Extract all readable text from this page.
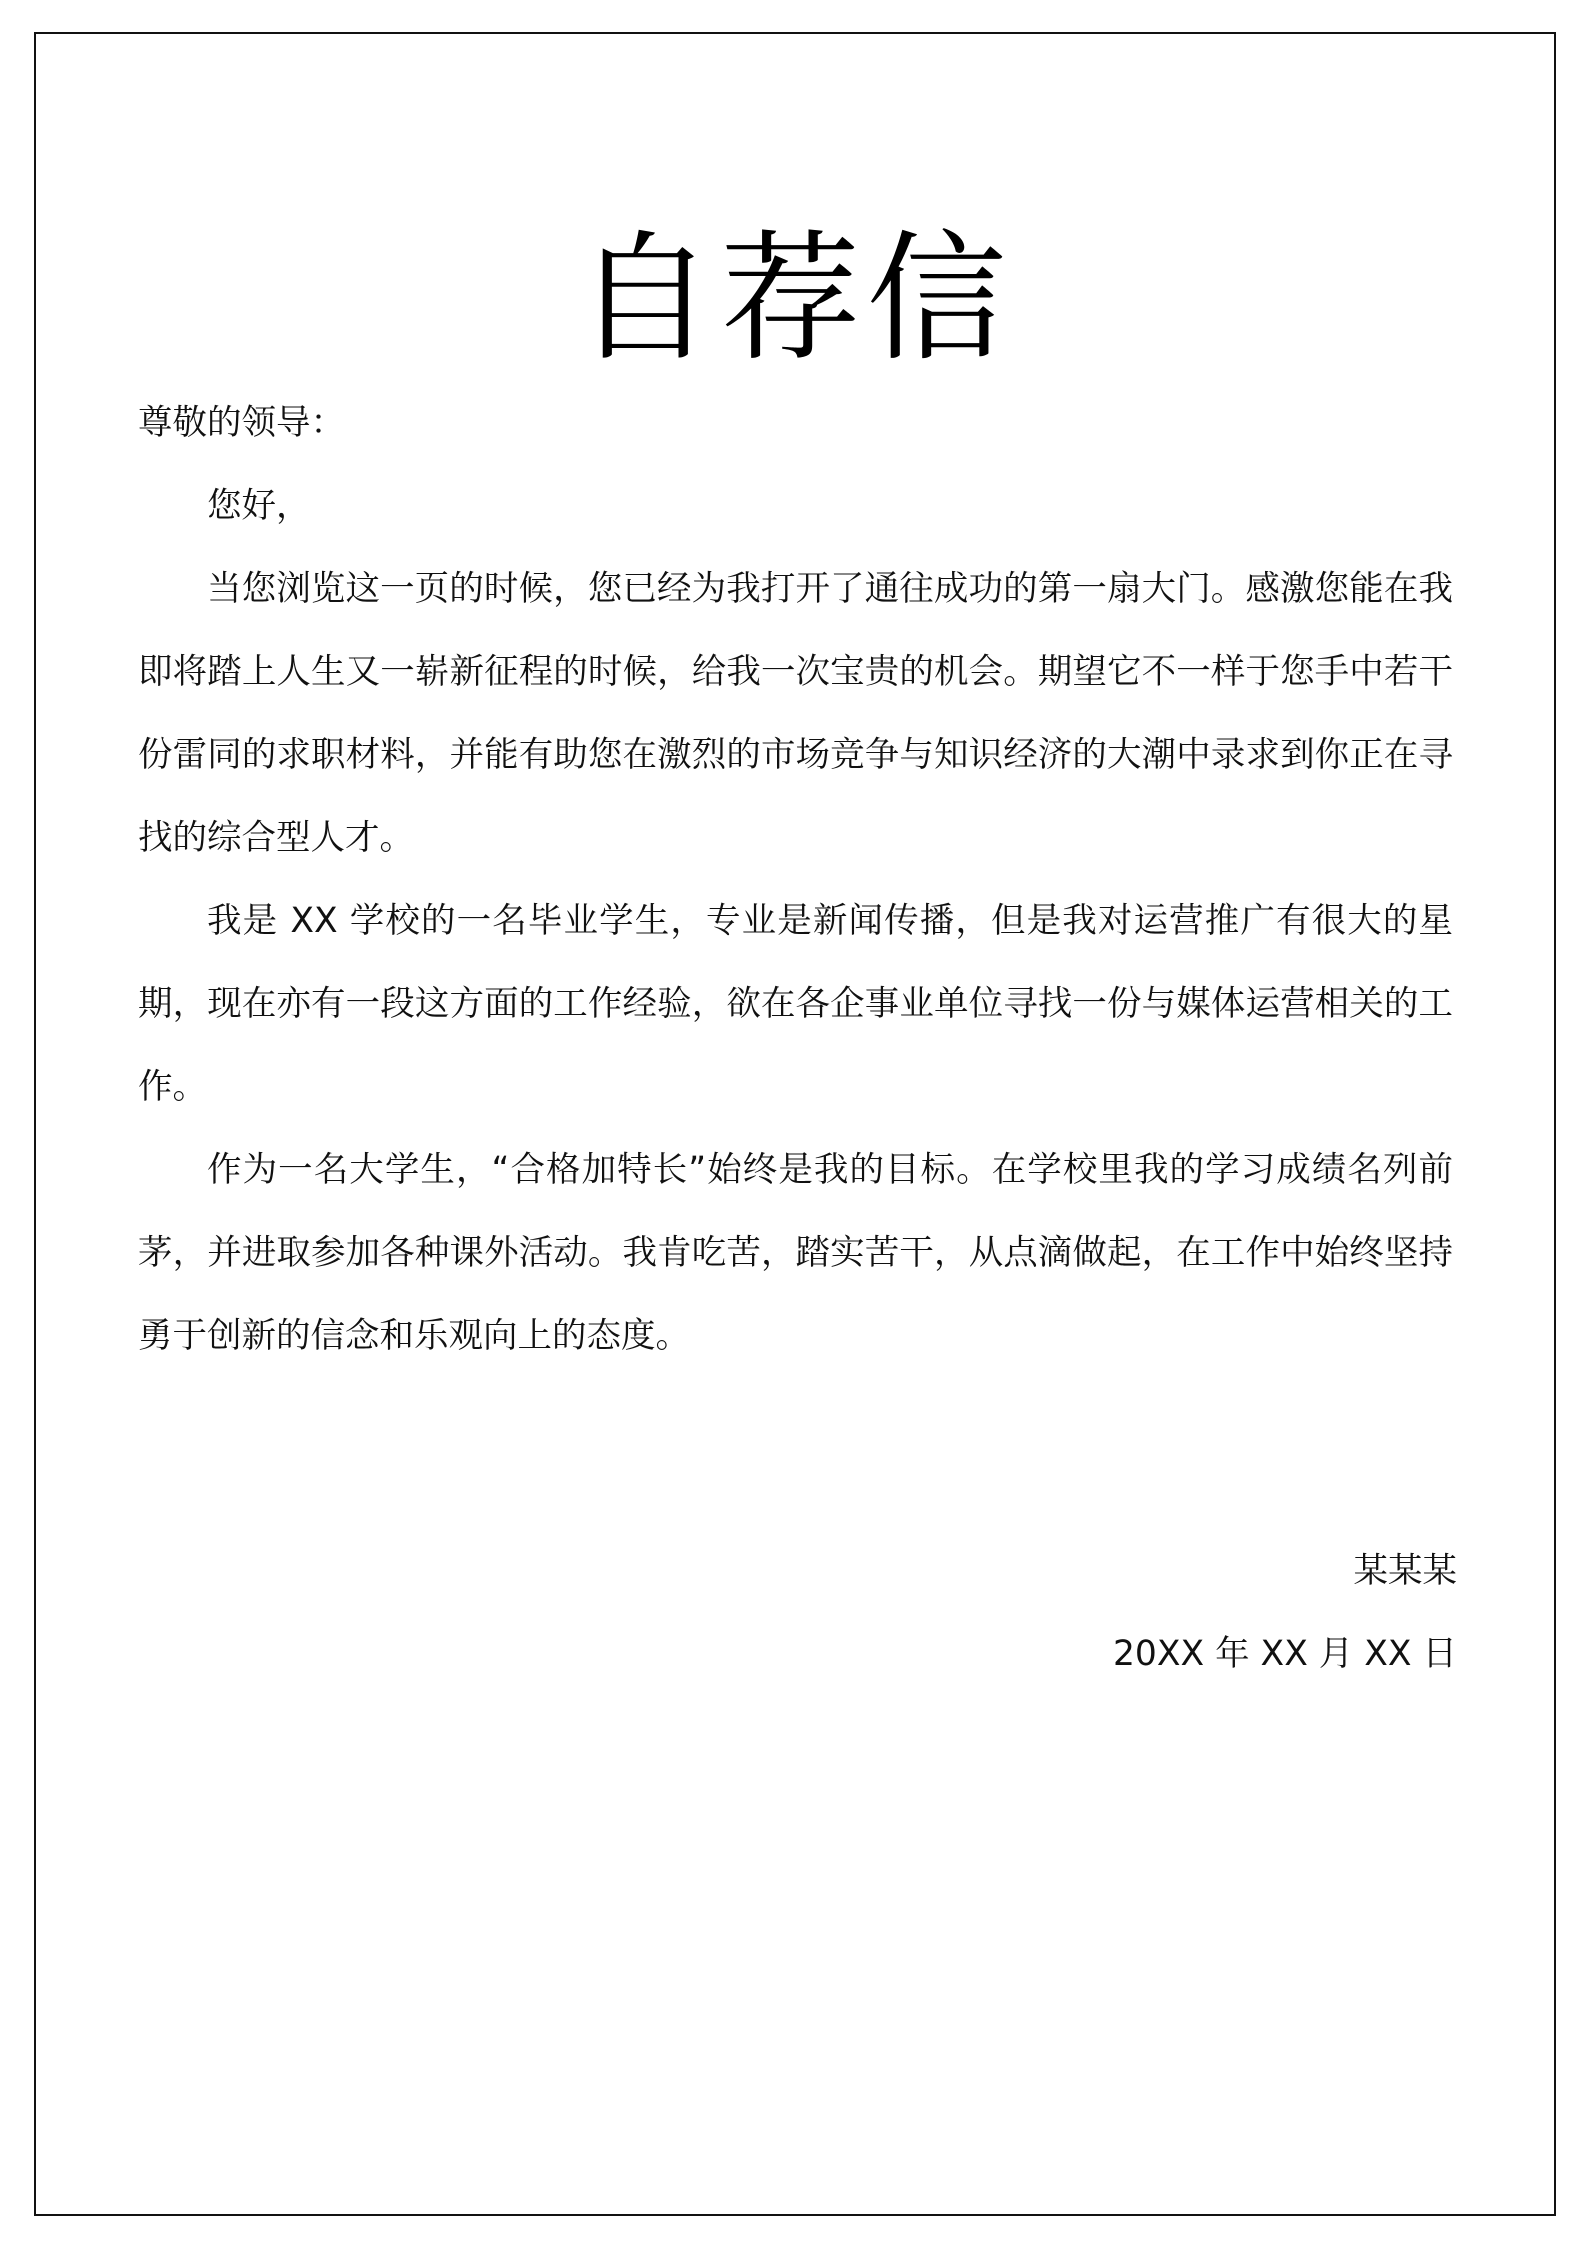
自荐信

尊敬的领导：

您好，

当您浏览这一页的时候，您已经为我打开了通往成功的第一扇大门。感激您能在我即将踏上人生又一崭新征程的时候，给我一次宝贵的机会。期望它不一样于您手中若干份雷同的求职材料，并能有助您在激烈的市场竞争与知识经济的大潮中录求到你正在寻找的综合型人才。

我是 XX 学校的一名毕业学生，专业是新闻传播，但是我对运营推广有很大的星期，现在亦有一段这方面的工作经验，欲在各企事业单位寻找一份与媒体运营相关的工作。

作为一名大学生，“合格加特长”始终是我的目标。在学校里我的学习成绩名列前茅，并进取参加各种课外活动。我肯吃苦，踏实苦干，从点滴做起，在工作中始终坚持勇于创新的信念和乐观向上的态度。

某某某
20XX 年 XX 月 XX 日
